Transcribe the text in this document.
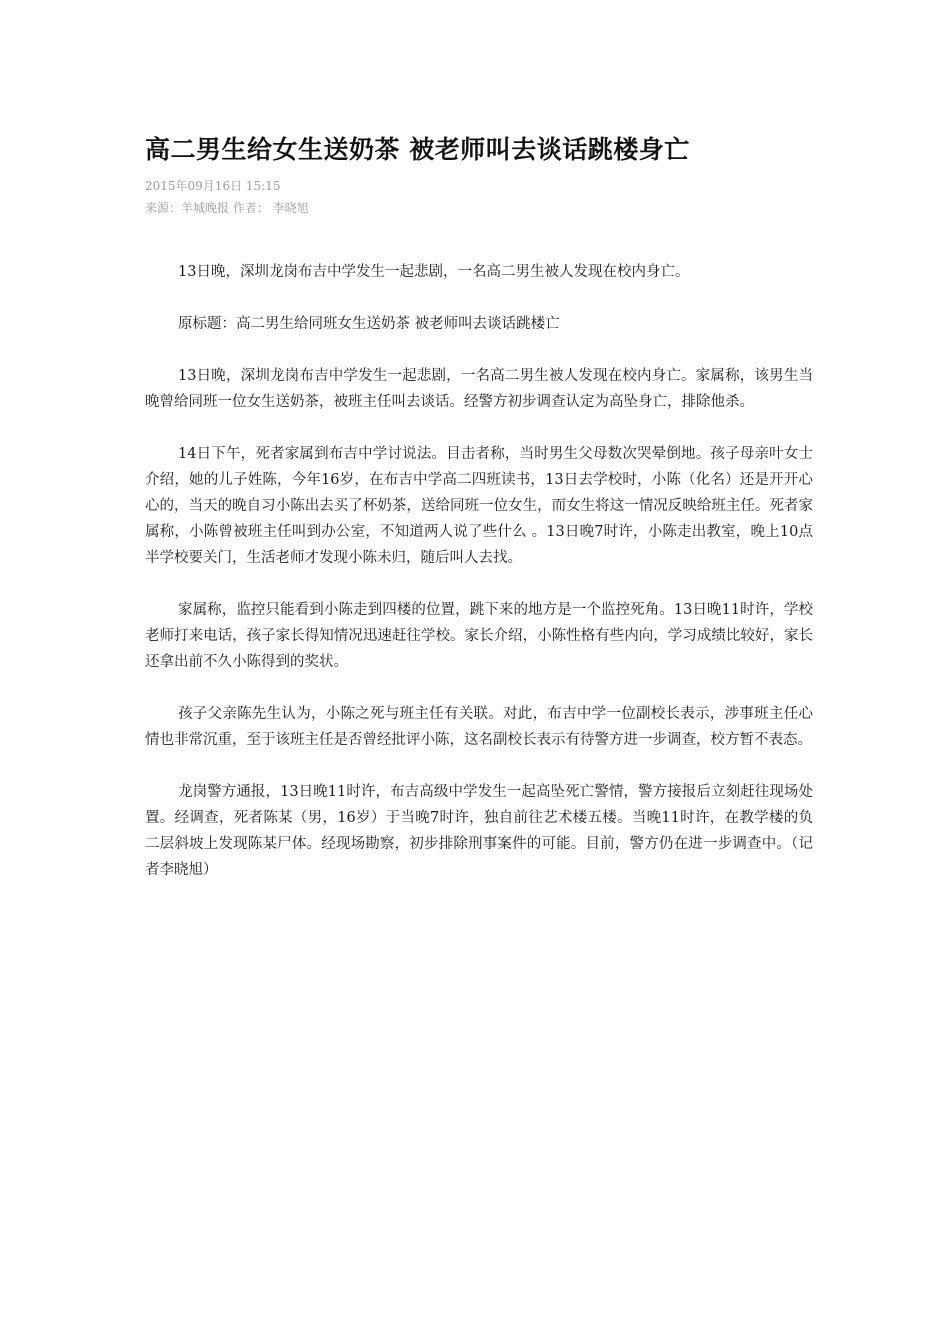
高二男生给女生送奶茶 被老师叫去谈话跳楼身亡
2015年09月16日 15:15
来源：羊城晚报 作者： 李晓旭

13日晚，深圳龙岗布吉中学发生一起悲剧，一名高二男生被人发现在校内身亡。

原标题：高二男生给同班女生送奶茶 被老师叫去谈话跳楼亡

13日晚，深圳龙岗布吉中学发生一起悲剧，一名高二男生被人发现在校内身亡。家属称，该男生当晚曾给同班一位女生送奶茶，被班主任叫去谈话。经警方初步调查认定为高坠身亡，排除他杀。

14日下午，死者家属到布吉中学讨说法。目击者称，当时男生父母数次哭晕倒地。孩子母亲叶女士介绍，她的儿子姓陈，今年16岁，在布吉中学高二四班读书，13日去学校时，小陈（化名）还是开开心心的，当天的晚自习小陈出去买了杯奶茶，送给同班一位女生，而女生将这一情况反映给班主任。死者家属称，小陈曾被班主任叫到办公室，不知道两人说了些什么 。13日晚7时许，小陈走出教室，晚上10点半学校要关门，生活老师才发现小陈未归，随后叫人去找。

家属称，监控只能看到小陈走到四楼的位置，跳下来的地方是一个监控死角。13日晚11时许，学校老师打来电话，孩子家长得知情况迅速赶往学校。家长介绍，小陈性格有些内向，学习成绩比较好，家长还拿出前不久小陈得到的奖状。

孩子父亲陈先生认为，小陈之死与班主任有关联。对此，布吉中学一位副校长表示，涉事班主任心情也非常沉重，至于该班主任是否曾经批评小陈，这名副校长表示有待警方进一步调查，校方暂不表态。

龙岗警方通报，13日晚11时许，布吉高级中学发生一起高坠死亡警情，警方接报后立刻赶往现场处置。经调查，死者陈某（男，16岁）于当晚7时许，独自前往艺术楼五楼。当晚11时许，在教学楼的负二层斜坡上发现陈某尸体。经现场勘察，初步排除刑事案件的可能。目前，警方仍在进一步调查中。（记者李晓旭）
